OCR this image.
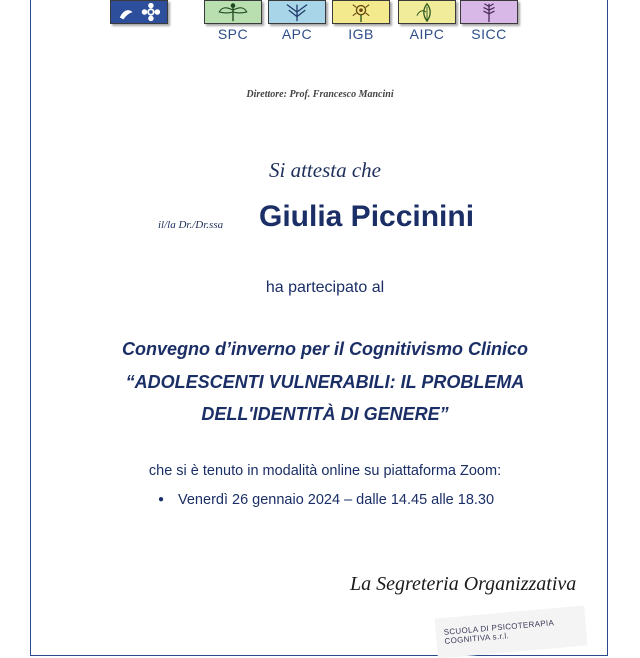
SPC	APC	IGB	AIPC	SICC
Direttore: Prof. Francesco Mancini
Si attesta che
il/la Dr./Dr.ssa Giulia Piccinini
ha partecipato al
Convegno d’inverno per il Cognitivismo Clinico
“ADOLESCENTI VULNERABILI: IL PROBLEMA
DELL'IDENTITÀ DI GENERE”
che si è tenuto in modalità online su piattaforma Zoom:
● Venerdì 26 gennaio 2024 – dalle 14.45 alle 18.30
La Segreteria Organizzativa
SCUOLA DI PSICOTERAPIA COGNITIVA s.r.l.
